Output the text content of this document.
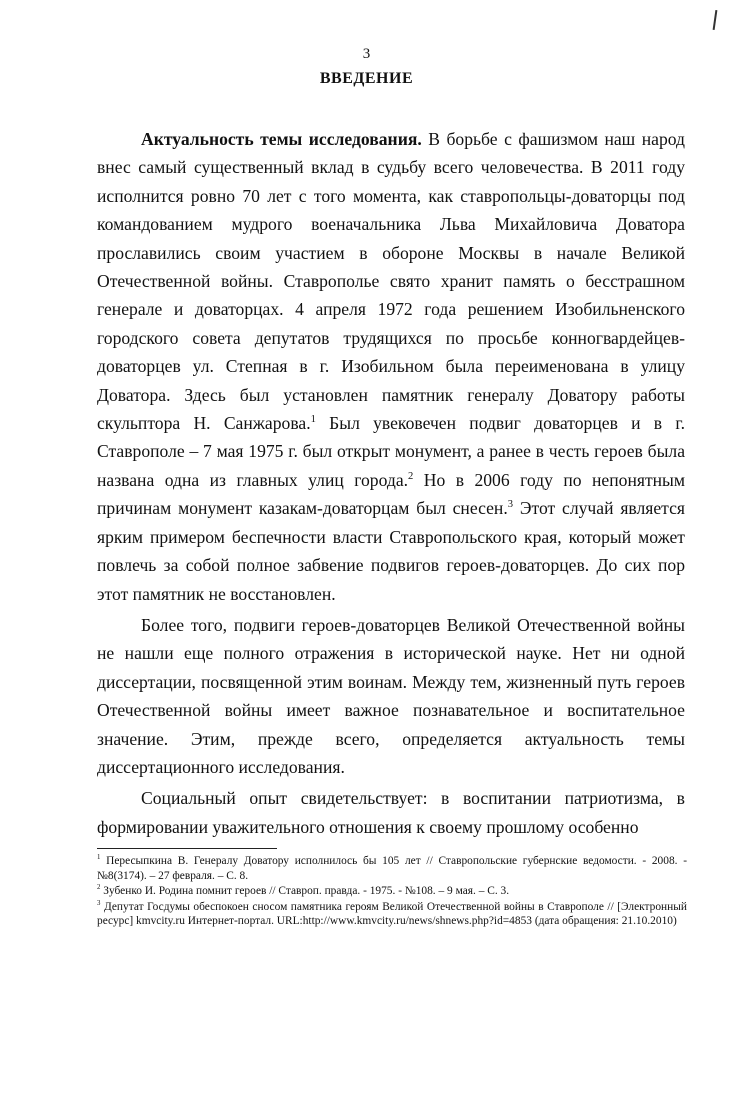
3
ВВЕДЕНИЕ

Актуальность темы исследования. В борьбе с фашизмом наш народ внес самый существенный вклад в судьбу всего человечества. В 2011 году исполнится ровно 70 лет с того момента, как ставропольцы-доваторцы под командованием мудрого военачальника Льва Михайловича Доватора прославились своим участием в обороне Москвы в начале Великой Отечественной войны. Ставрополье свято хранит память о бесстрашном генерале и доваторцах. 4 апреля 1972 года решением Изобильненского городского совета депутатов трудящихся по просьбе конногвардейцев-доваторцев ул. Степная в г. Изобильном была переименована в улицу Доватора. Здесь был установлен памятник генералу Доватору работы скульптора Н. Санжарова.$^1$ Был увековечен подвиг доваторцев и в г. Ставрополе – 7 мая 1975 г. был открыт монумент, а ранее в честь героев была названа одна из главных улиц города.$^2$ Но в 2006 году по непонятным причинам монумент казакам-доваторцам был снесен.$^3$ Этот случай является ярким примером беспечности власти Ставропольского края, который может повлечь за собой полное забвение подвигов героев-доваторцев. До сих пор этот памятник не восстановлен.

Более того, подвиги героев-доваторцев Великой Отечественной войны не нашли еще полного отражения в исторической науке. Нет ни одной диссертации, посвященной этим воинам. Между тем, жизненный путь героев Отечественной войны имеет важное познавательное и воспитательное значение. Этим, прежде всего, определяется актуальность темы диссертационного исследования.

Социальный опыт свидетельствует: в воспитании патриотизма, в формировании уважительного отношения к своему прошлому особенно

$^1$ Пересыпкина В. Генералу Доватору исполнилось бы 105 лет // Ставропольские губернские ведомости. - 2008. - №8(3174). – 27 февраля. – С. 8.

$^2$ Зубенко И. Родина помнит героев // Ставроп. правда. - 1975. - №108. – 9 мая. – С. 3.

$^3$ Депутат Госдумы обеспокоен сносом памятника героям Великой Отечественной войны в Ставрополе // [Электронный ресурс] kmvcity.ru Интернет-портал. URL:http://www.kmvcity.ru/news/shnews.php?id=4853 (дата обращения: 21.10.2010)
